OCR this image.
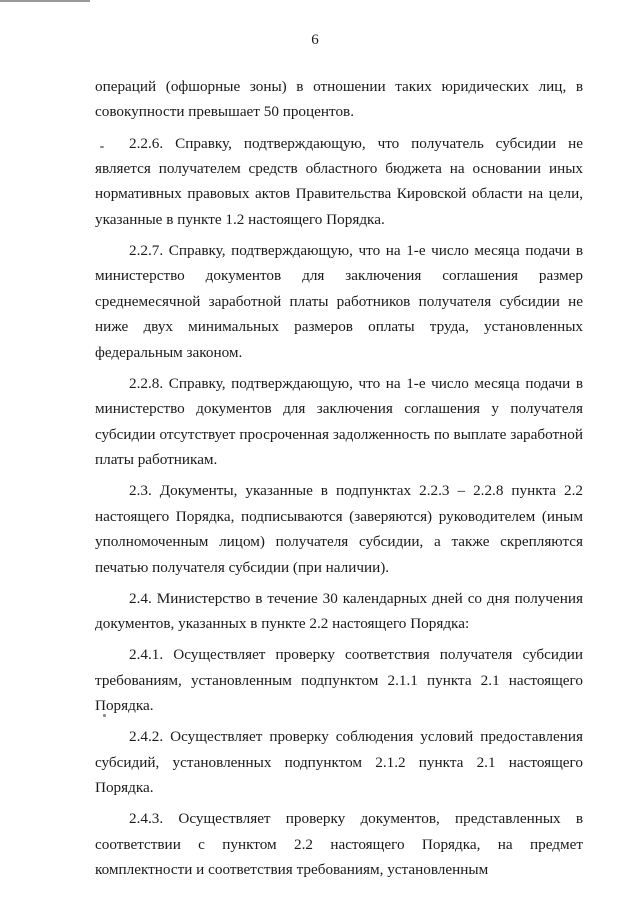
6

операций (офшорные зоны) в отношении таких юридических лиц, в совокупности превышает 50 процентов.

2.2.6. Справку, подтверждающую, что получатель субсидии не является получателем средств областного бюджета на основании иных нормативных правовых актов Правительства Кировской области на цели, указанные в пункте 1.2 настоящего Порядка.

2.2.7. Справку, подтверждающую, что на 1-е число месяца подачи в министерство документов для заключения соглашения размер среднемесячной заработной платы работников получателя субсидии не ниже двух минимальных размеров оплаты труда, установленных федеральным законом.

2.2.8. Справку, подтверждающую, что на 1-е число месяца подачи в министерство документов для заключения соглашения у получателя субсидии отсутствует просроченная задолженность по выплате заработной платы работникам.

2.3. Документы, указанные в подпунктах 2.2.3 – 2.2.8 пункта 2.2 настоящего Порядка, подписываются (заверяются) руководителем (иным уполномоченным лицом) получателя субсидии, а также скрепляются печатью получателя субсидии (при наличии).

2.4. Министерство в течение 30 календарных дней со дня получения документов, указанных в пункте 2.2 настоящего Порядка:

2.4.1. Осуществляет проверку соответствия получателя субсидии требованиям, установленным подпунктом 2.1.1 пункта 2.1 настоящего Порядка.

2.4.2. Осуществляет проверку соблюдения условий предоставления субсидий, установленных подпунктом 2.1.2 пункта 2.1 настоящего Порядка.

2.4.3. Осуществляет проверку документов, представленных в соответствии с пунктом 2.2 настоящего Порядка, на предмет комплектности и соответствия требованиям, установленным
